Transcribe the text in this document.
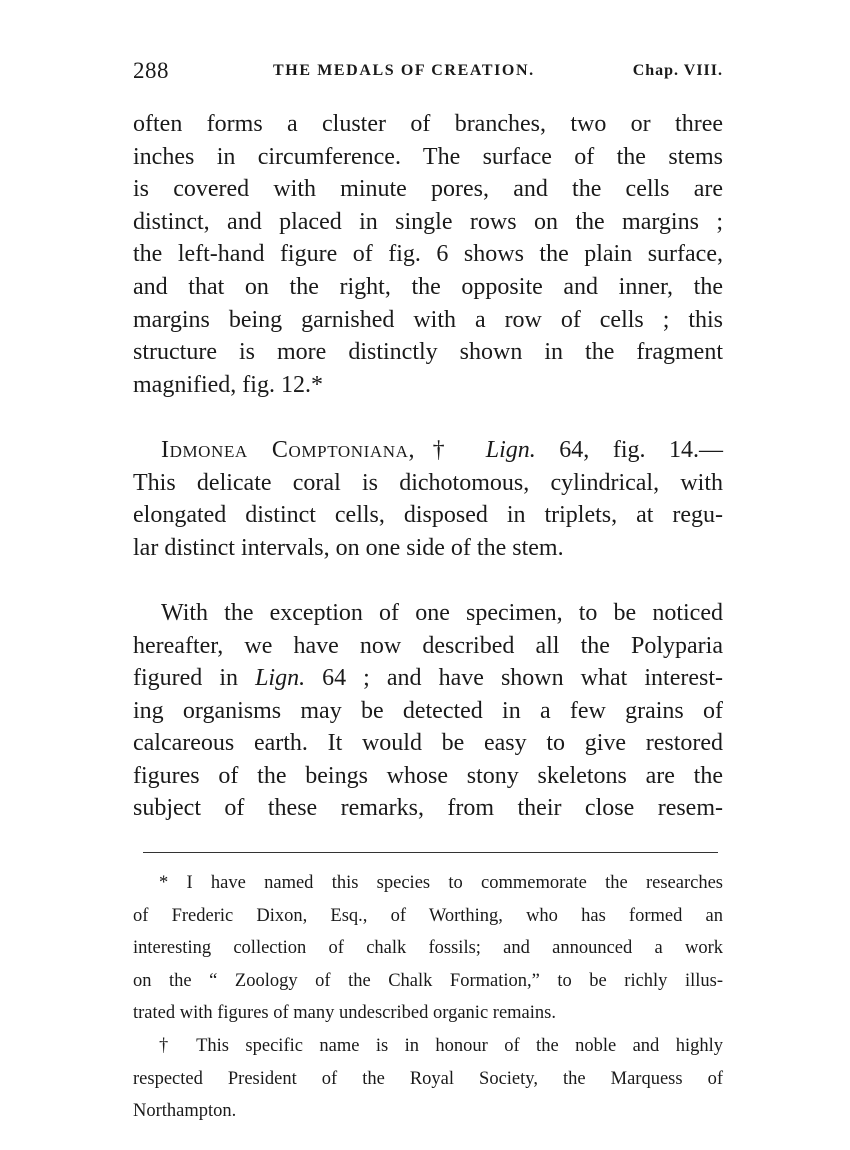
288	THE MEDALS OF CREATION.	Chap. VIII.
often forms a cluster of branches, two or three
inches in circumference. The surface of the stems
is covered with minute pores, and the cells are
distinct, and placed in single rows on the margins ;
the left-hand figure of fig. 6 shows the plain surface,
and that on the right, the opposite and inner, the
margins being garnished with a row of cells ; this
structure is more distinctly shown in the fragment
magnified, fig. 12.*
Idmonea Comptoniana,† Lign. 64, fig. 14.—
This delicate coral is dichotomous, cylindrical, with
elongated distinct cells, disposed in triplets, at regu-
lar distinct intervals, on one side of the stem.
With the exception of one specimen, to be noticed
hereafter, we have now described all the Polyparia
figured in Lign. 64 ; and have shown what interest-
ing organisms may be detected in a few grains of
calcareous earth. It would be easy to give restored
figures of the beings whose stony skeletons are the
subject of these remarks, from their close resem-
* I have named this species to commemorate the researches
of Frederic Dixon, Esq., of Worthing, who has formed an
interesting collection of chalk fossils; and announced a work
on the “ Zoology of the Chalk Formation,” to be richly illus-
trated with figures of many undescribed organic remains.
† This specific name is in honour of the noble and highly
respected President of the Royal Society, the Marquess of
Northampton.
